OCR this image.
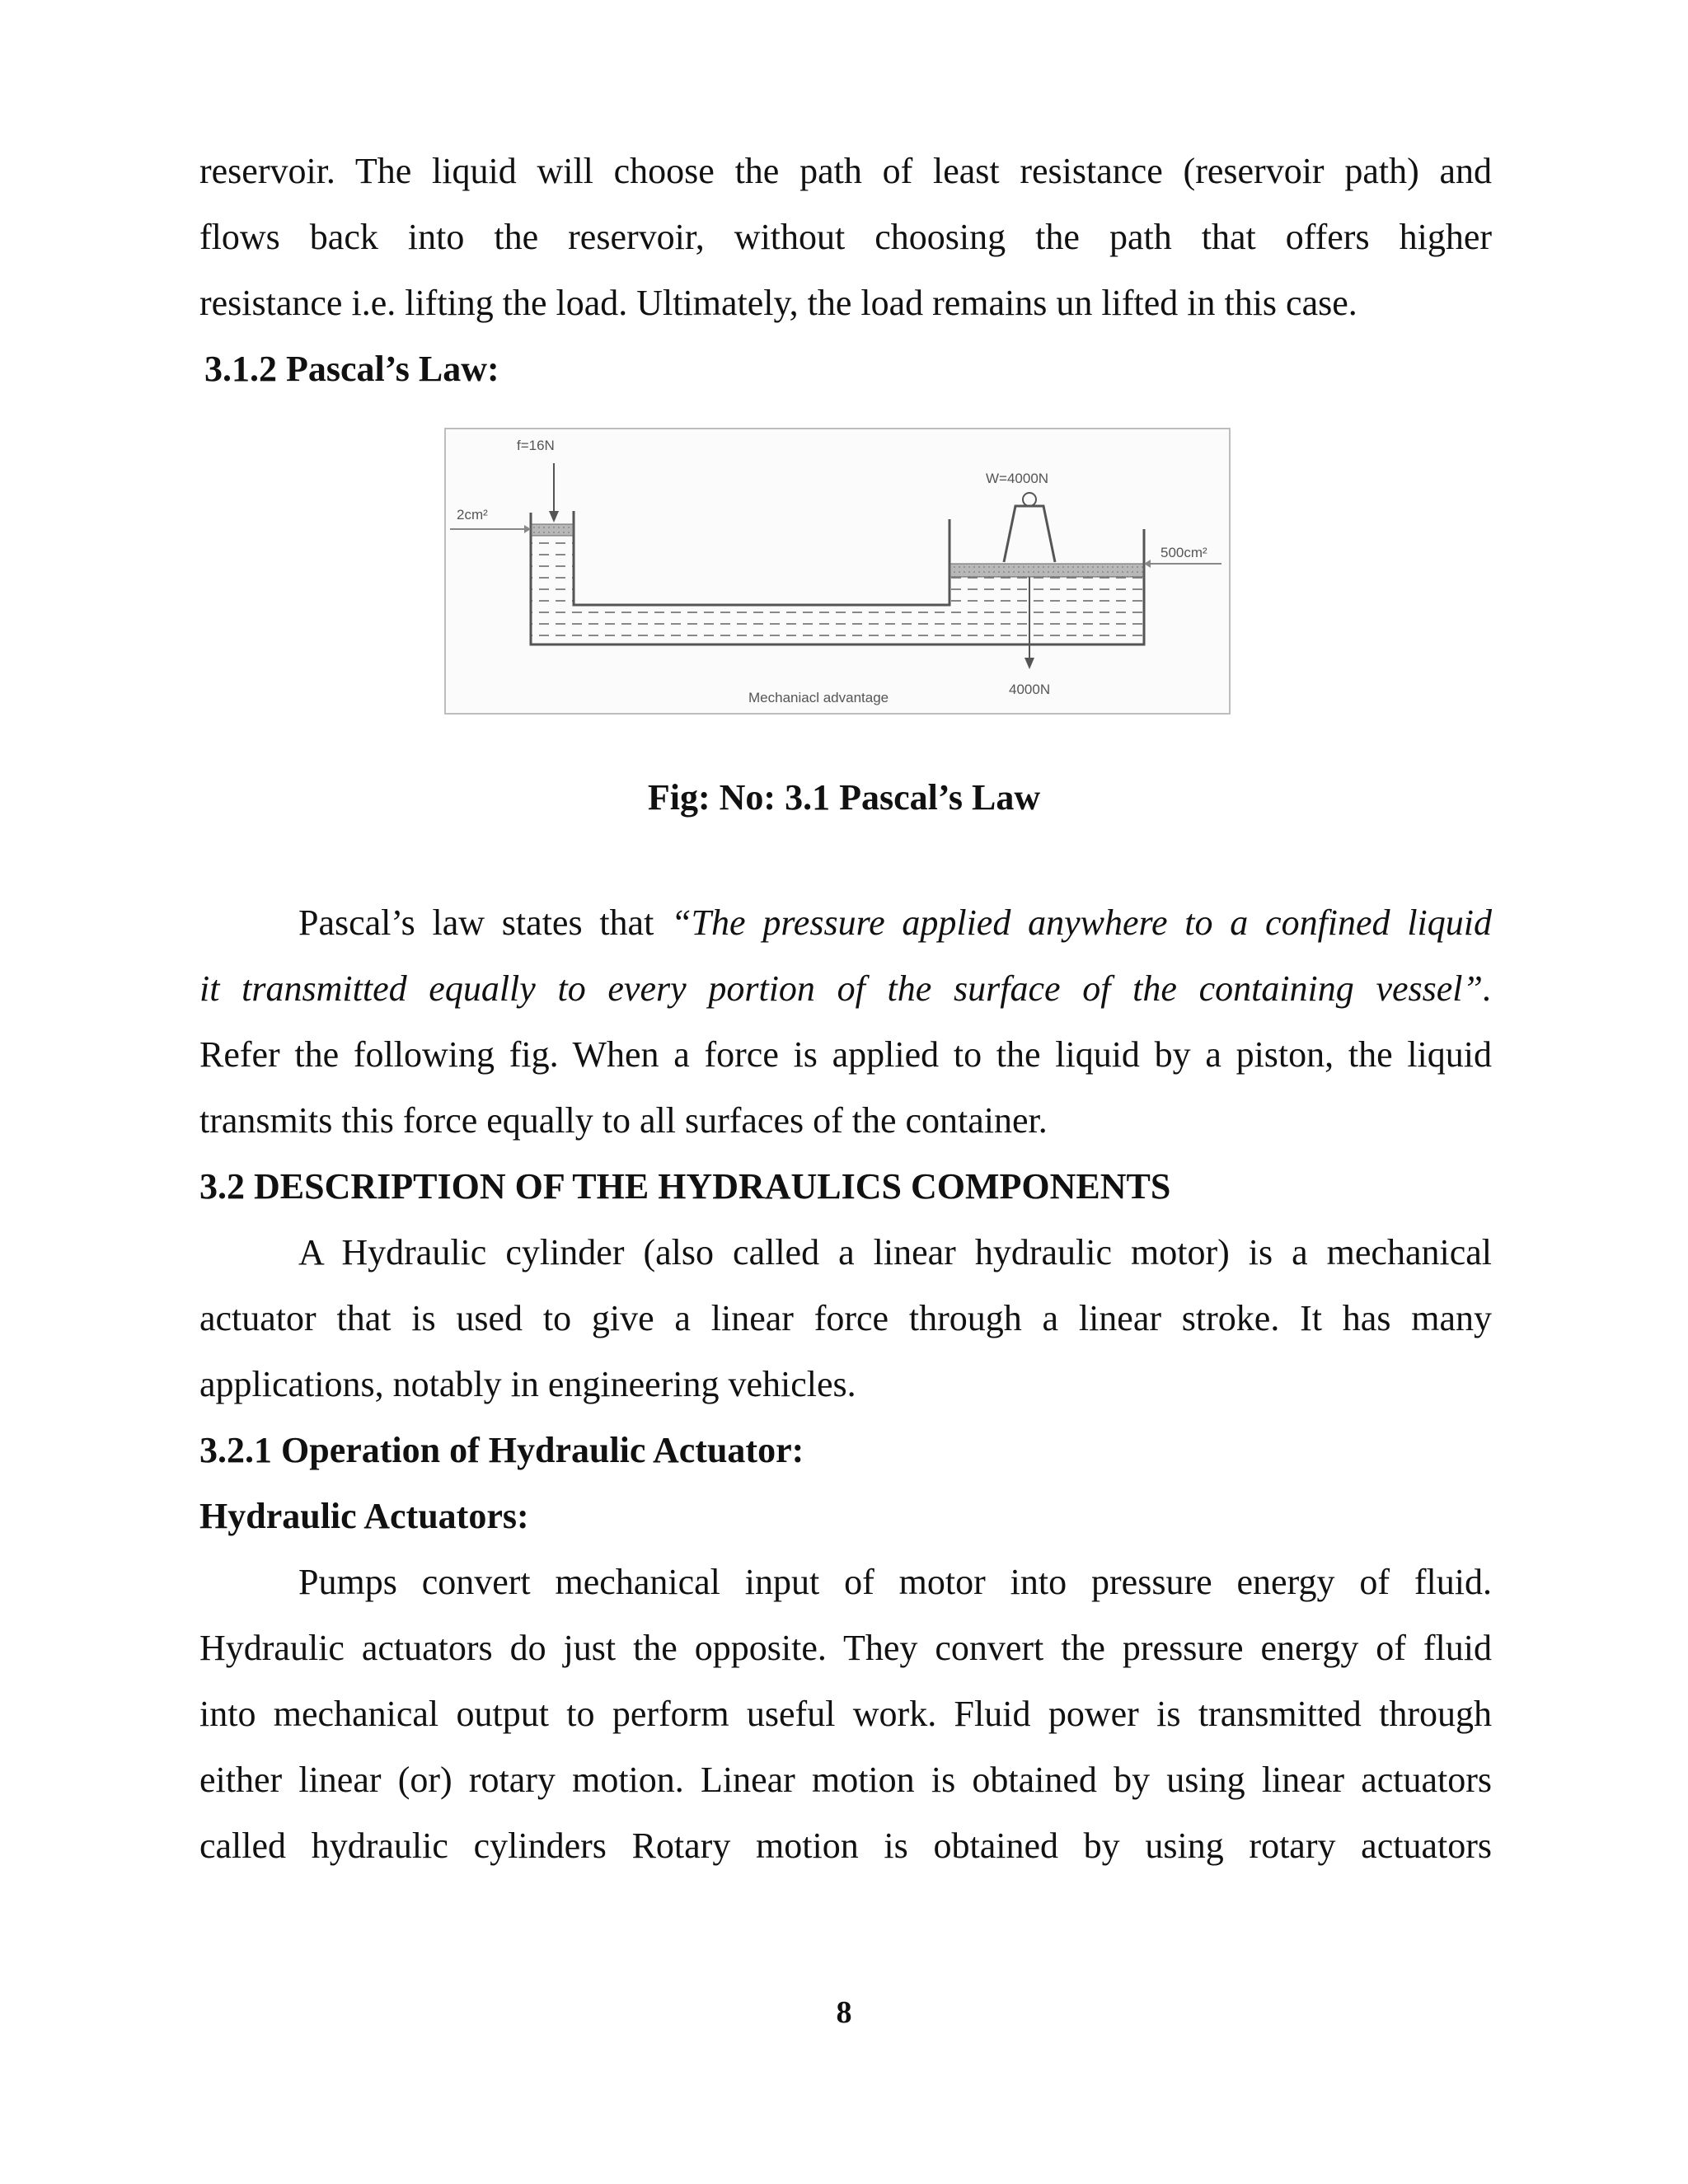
reservoir. The liquid will choose the path of least resistance (reservoir path) and
flows back into the reservoir, without choosing the path that offers higher
resistance i.e. lifting the load. Ultimately, the load remains un lifted in this case.
3.1.2 Pascal’s Law:
f=16N
2cm²
W=4000N
4000N
500cm²
Mechaniacl advantage
Fig: No: 3.1 Pascal’s Law
Pascal’s law states that “The pressure applied anywhere to a confined liquid
it transmitted equally to every portion of the surface of the containing vessel”.
Refer the following fig. When a force is applied to the liquid by a piston, the liquid
transmits this force equally to all surfaces of the container.
3.2 DESCRIPTION OF THE HYDRAULICS COMPONENTS
A Hydraulic cylinder (also called a linear hydraulic motor) is a mechanical
actuator that is used to give a linear force through a linear stroke. It has many
applications, notably in engineering vehicles.
3.2.1 Operation of Hydraulic Actuator:
Hydraulic Actuators:
Pumps convert mechanical input of motor into pressure energy of fluid.
Hydraulic actuators do just the opposite. They convert the pressure energy of fluid
into mechanical output to perform useful work. Fluid power is transmitted through
either linear (or) rotary motion. Linear motion is obtained by using linear actuators
called hydraulic cylinders Rotary motion is obtained by using rotary actuators
8
